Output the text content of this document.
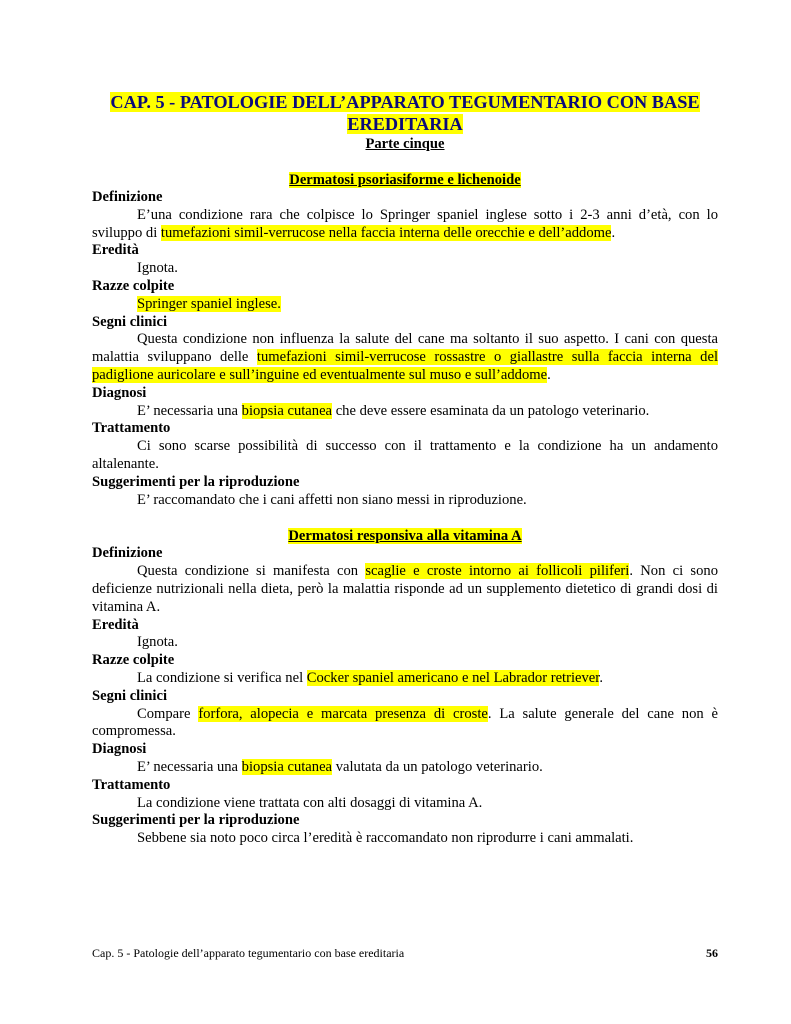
CAP. 5 - PATOLOGIE DELL’APPARATO TEGUMENTARIO CON BASE
EREDITARIA
Parte cinque
Dermatosi psoriasiforme e lichenoide
Definizione

E’una condizione rara che colpisce lo Springer spaniel inglese sotto i 2-3 anni d’età, con lo sviluppo di tumefazioni simil-verrucose nella faccia interna delle orecchie e dell’addome.

Eredità

Ignota.

Razze colpite

Springer spaniel inglese.

Segni clinici

Questa condizione non influenza la salute del cane ma soltanto il suo aspetto. I cani con questa malattia sviluppano delle tumefazioni simil-verrucose rossastre o giallastre sulla faccia interna del padiglione auricolare e sull’inguine ed eventualmente sul muso e sull’addome.

Diagnosi

E’ necessaria una biopsia cutanea che deve essere esaminata da un patologo veterinario.

Trattamento

Ci sono scarse possibilità di successo con il trattamento e la condizione ha un andamento altalenante.

Suggerimenti per la riproduzione

E’ raccomandato che i cani affetti non siano messi in riproduzione.

Dermatosi responsiva alla vitamina A
Definizione

Questa condizione si manifesta con scaglie e croste intorno ai follicoli piliferi. Non ci sono deficienze nutrizionali nella dieta, però la malattia risponde ad un supplemento dietetico di grandi dosi di vitamina A.

Eredità

Ignota.

Razze colpite

La condizione si verifica nel Cocker spaniel americano e nel Labrador retriever.

Segni clinici

Compare forfora, alopecia e marcata presenza di croste. La salute generale del cane non è compromessa.

Diagnosi

E’ necessaria una biopsia cutanea valutata da un patologo veterinario.

Trattamento

La condizione viene trattata con alti dosaggi di vitamina A.

Suggerimenti per la riproduzione

Sebbene sia noto poco circa l’eredità è raccomandato non riprodurre i cani ammalati.

Cap. 5 - Patologie dell’apparato tegumentario con base ereditaria	56
